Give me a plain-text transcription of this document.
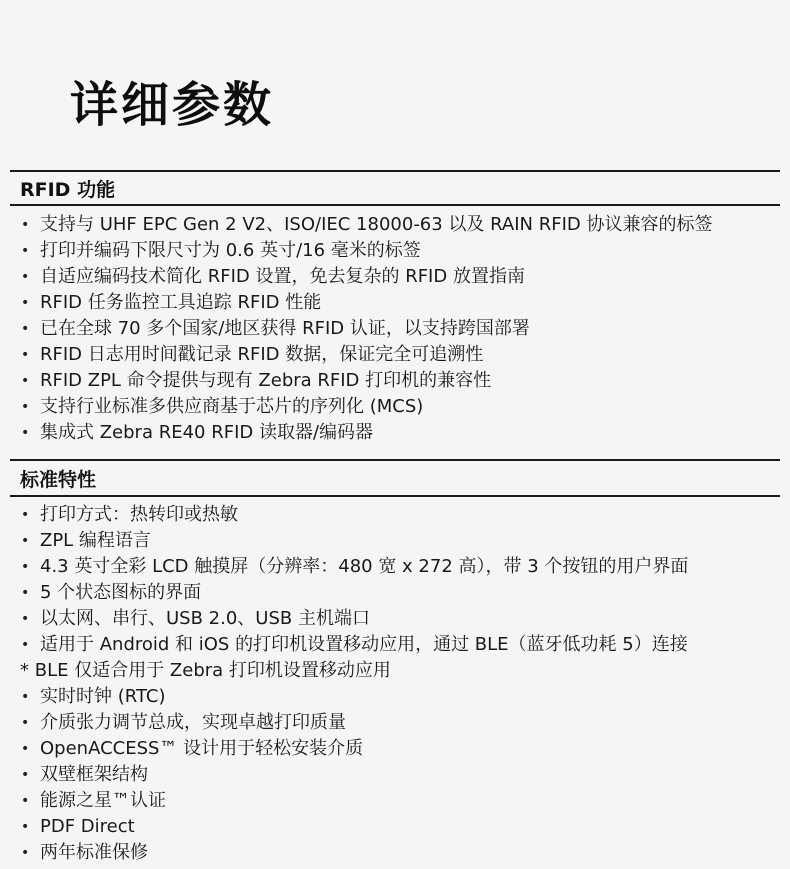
详细参数
RFID 功能
• 支持与 UHF EPC Gen 2 V2、ISO/IEC 18000-63 以及 RAIN RFID 协议兼容的标签
• 打印并编码下限尺寸为 0.6 英寸/16 毫米的标签
• 自适应编码技术简化 RFID 设置，免去复杂的 RFID 放置指南
• RFID 任务监控工具追踪 RFID 性能
• 已在全球 70 多个国家/地区获得 RFID 认证，以支持跨国部署
• RFID 日志用时间戳记录 RFID 数据，保证完全可追溯性
• RFID ZPL 命令提供与现有 Zebra RFID 打印机的兼容性
• 支持行业标准多供应商基于芯片的序列化 (MCS)
• 集成式 Zebra RE40 RFID 读取器/编码器
标准特性
• 打印方式：热转印或热敏
• ZPL 编程语言
• 4.3 英寸全彩 LCD 触摸屏（分辨率：480 宽 x 272 高），带 3 个按钮的用户界面
• 5 个状态图标的界面
• 以太网、串行、USB 2.0、USB 主机端口
• 适用于 Android 和 iOS 的打印机设置移动应用，通过 BLE（蓝牙低功耗 5）连接
* BLE 仅适合用于 Zebra 打印机设置移动应用
• 实时时钟 (RTC)
• 介质张力调节总成，实现卓越打印质量
• OpenACCESS™ 设计用于轻松安装介质
• 双壁框架结构
• 能源之星™认证
• PDF Direct
• 两年标准保修
